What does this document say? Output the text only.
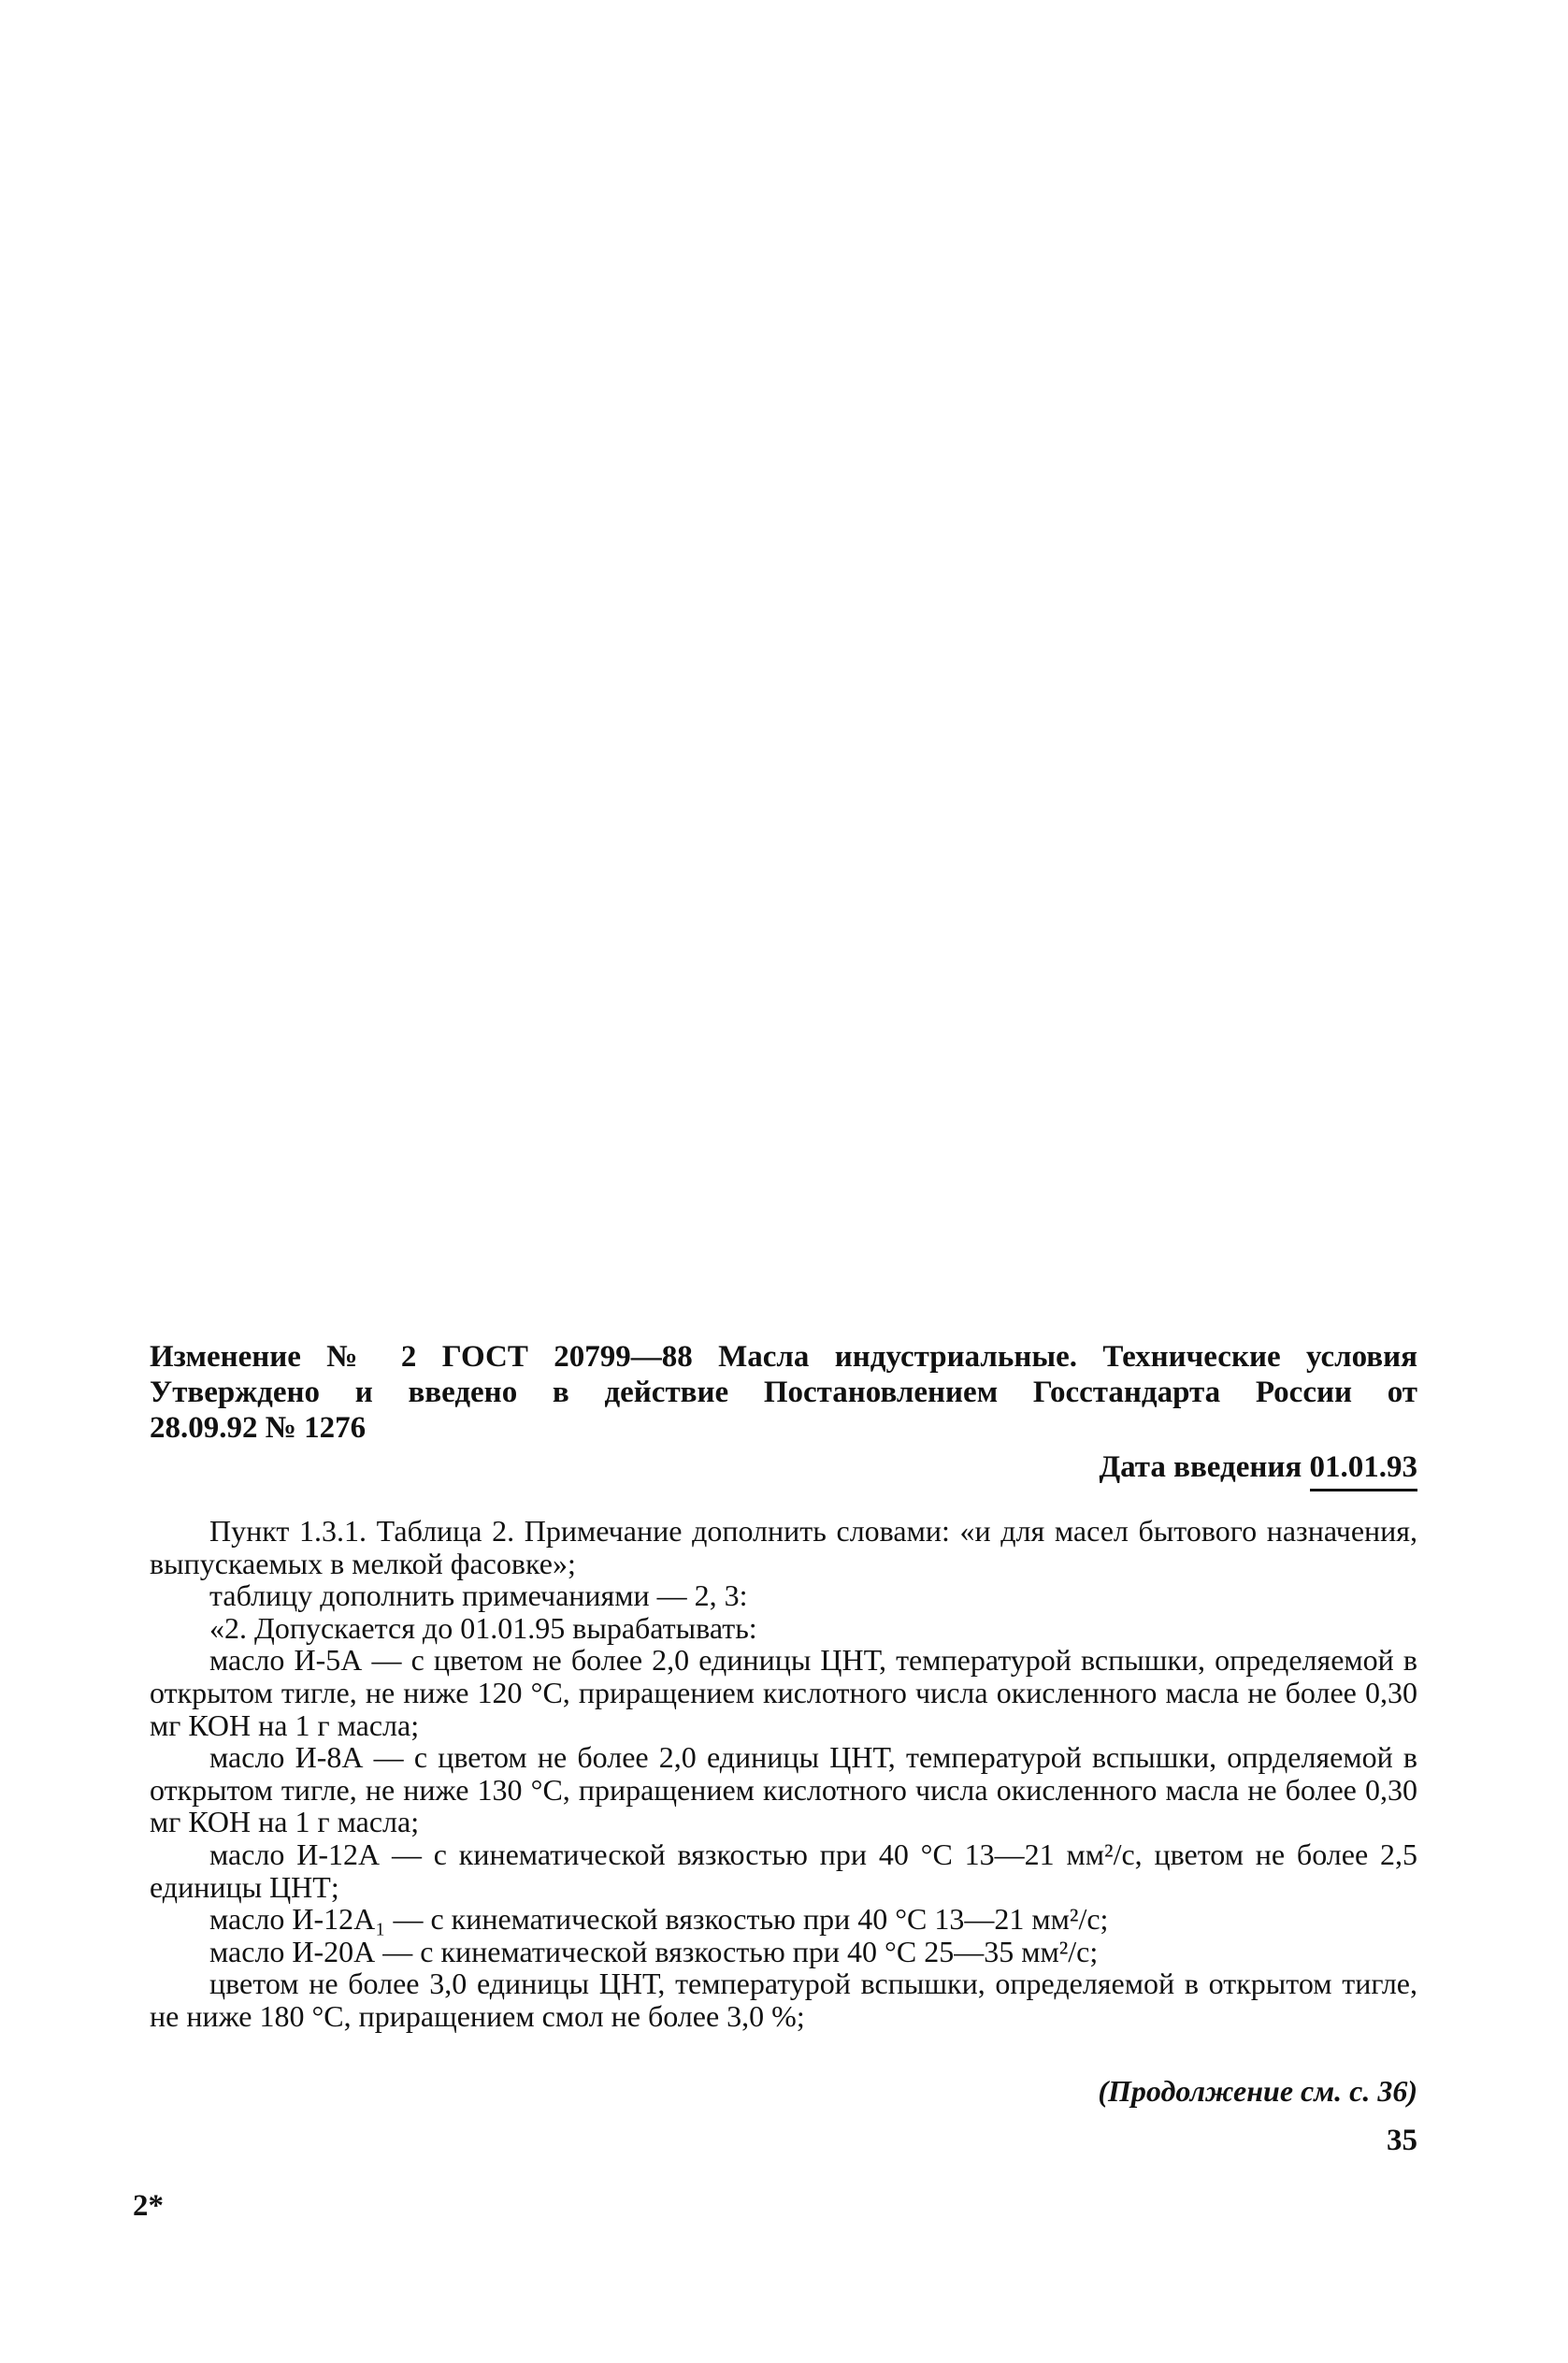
Изменение № 2 ГОСТ 20799—88 Масла индустриальные. Технические условия
Утверждено и введено в действие Постановлением Госстандарта России от
28.09.92 № 1276
Дата введения 01.01.93

Пункт 1.3.1. Таблица 2. Примечание дополнить словами: «и для масел бытового назначения, выпускаемых в мелкой фасовке»;

таблицу дополнить примечаниями — 2, 3:

«2. Допускается до 01.01.95 вырабатывать:

масло И-5А — с цветом не более 2,0 единицы ЦНТ, температурой вспышки, определяемой в открытом тигле, не ниже 120 °С, приращением кислотного числа окисленного масла не более 0,30 мг КОН на 1 г масла;

масло И-8А — с цветом не более 2,0 единицы ЦНТ, температурой вспышки, опрделяемой в открытом тигле, не ниже 130 °С, приращением кислотного числа окисленного масла не более 0,30 мг КОН на 1 г масла;

масло И-12А — с кинематической вязкостью при 40 °С 13—21 мм²/с, цветом не более 2,5 единицы ЦНТ;

масло И-12А₁ — с кинематической вязкостью при 40 °С 13—21 мм²/с;

масло И-20А — с кинематической вязкостью при 40 °С 25—35 мм²/с;

цветом не более 3,0 единицы ЦНТ, температурой вспышки, определяемой в открытом тигле, не ниже 180 °С, приращением смол не более 3,0 %;

(Продолжение см. с. 36)
35
2*
